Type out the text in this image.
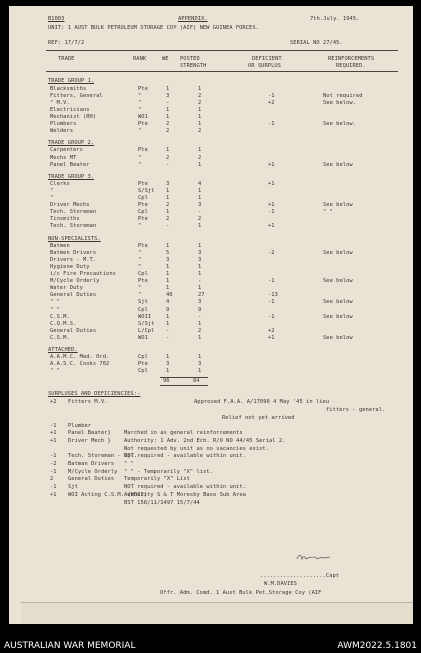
B1003	APPENDIX.	7th.July. 1945.
UNIT: 1 AUST BULK PETROLEUM STORAGE COY (AIF) NEW GUINEA FORCES.
REF: 17/7/2	SERIAL NO 27/45.
TRADE	RANK	WE POSTED
STRENGTH
DEFICIENT
OR SURPLUS
REINFORCEMENTS
REQUIRED.
TRADE GROUP 1.
Blacksmiths	Pte	1	1
Fitters, General	"	3	2	-1	Not required
" M.V.	"	-	2	+2	See below.
Electricians	"	1	1
Mechanist (RH)	WO1	1	1
Plumbers	Pte	2	1	-1	See below.
Welders	"	2	2
TRADE GROUP 2.
Carpenters	Pte	1	1
Mechs MT	"	2	2
Panel Beater	"	-	1	+1	See below
TRADE GROUP 3.
Clerks	Pte	3	4	+1
"	S/Sjt 1	1
"	Cpl	1	1
Driver Mechs	Pte	2	3	+1	See below
Tech. Storeman	Cpl	1	-	-1	" "
Tinsmiths	Pte	2	2
Tech. Storeman	"	-	1	+1
NON-SPECIALISTS.
Batmen	Pte	1	1
Batmen Drivers	"	5	3	-2	See below
Drivers - M.T.	"	3	3
Hygiene Duty	"	1	1
i/c Fire Precautions	Cpl	1	1
M/Cycle Orderly	Pte	1	-	-1	See below
Water Duty	"	1	1
General Duties	"	40	27	-13
" "	Sjt	4	3	-1	See below
" "	Cpl	9	9
C.S.M.	WOII	1	-	-1	See below
C.Q.M.S.	S/Sjt 1	1
General Duties	L/Cpl -	2	+2
C.S.M.	WO1	-	1	+1	See below
ATTACHED.
A.A.M.C. Med. Ord.	Cpl	1	1
A.A.S.C. Cooks 702	Pte	3	3
" "	Cpl	1	1
96	84
SURPLUSES AND DEFICIENCIES:-
+2 Fitters M.V.	Approved F.A.A. A/17090 4 May '45 in lieu
fitters - general.
Relief not yet arrived
-1 Plumber
+1 Panel Beater} Marched in as general reinforcements
+1 Driver Mech } Authority: 1 Adv. 2nd Ech. R/O NO 44/45 Serial 2.
Not requested by unit as no vacancies exist.
-1 Tech. Storeman - Cpl.
NOT required - available within unit.
-2 Batman Drivers " "
-1 M/Cycle Orderly " " - Temporarily "X" list.
2	General Duties Temporarily "X" List
-1 Sjt	NOT required - available within unit.
+1 WOI Acting C.S.M. (WOII)
Authority S & T Moresby Base Sub Area
BST 158/11/1497 15/7/44
....................Capt
W.M.DAVIES
Offr. Adm. Comd. 1 Aust Bulk Pet.Storage Coy (AIF
AUSTRALIAN WAR MEMORIAL	AWM2022.5.1801
